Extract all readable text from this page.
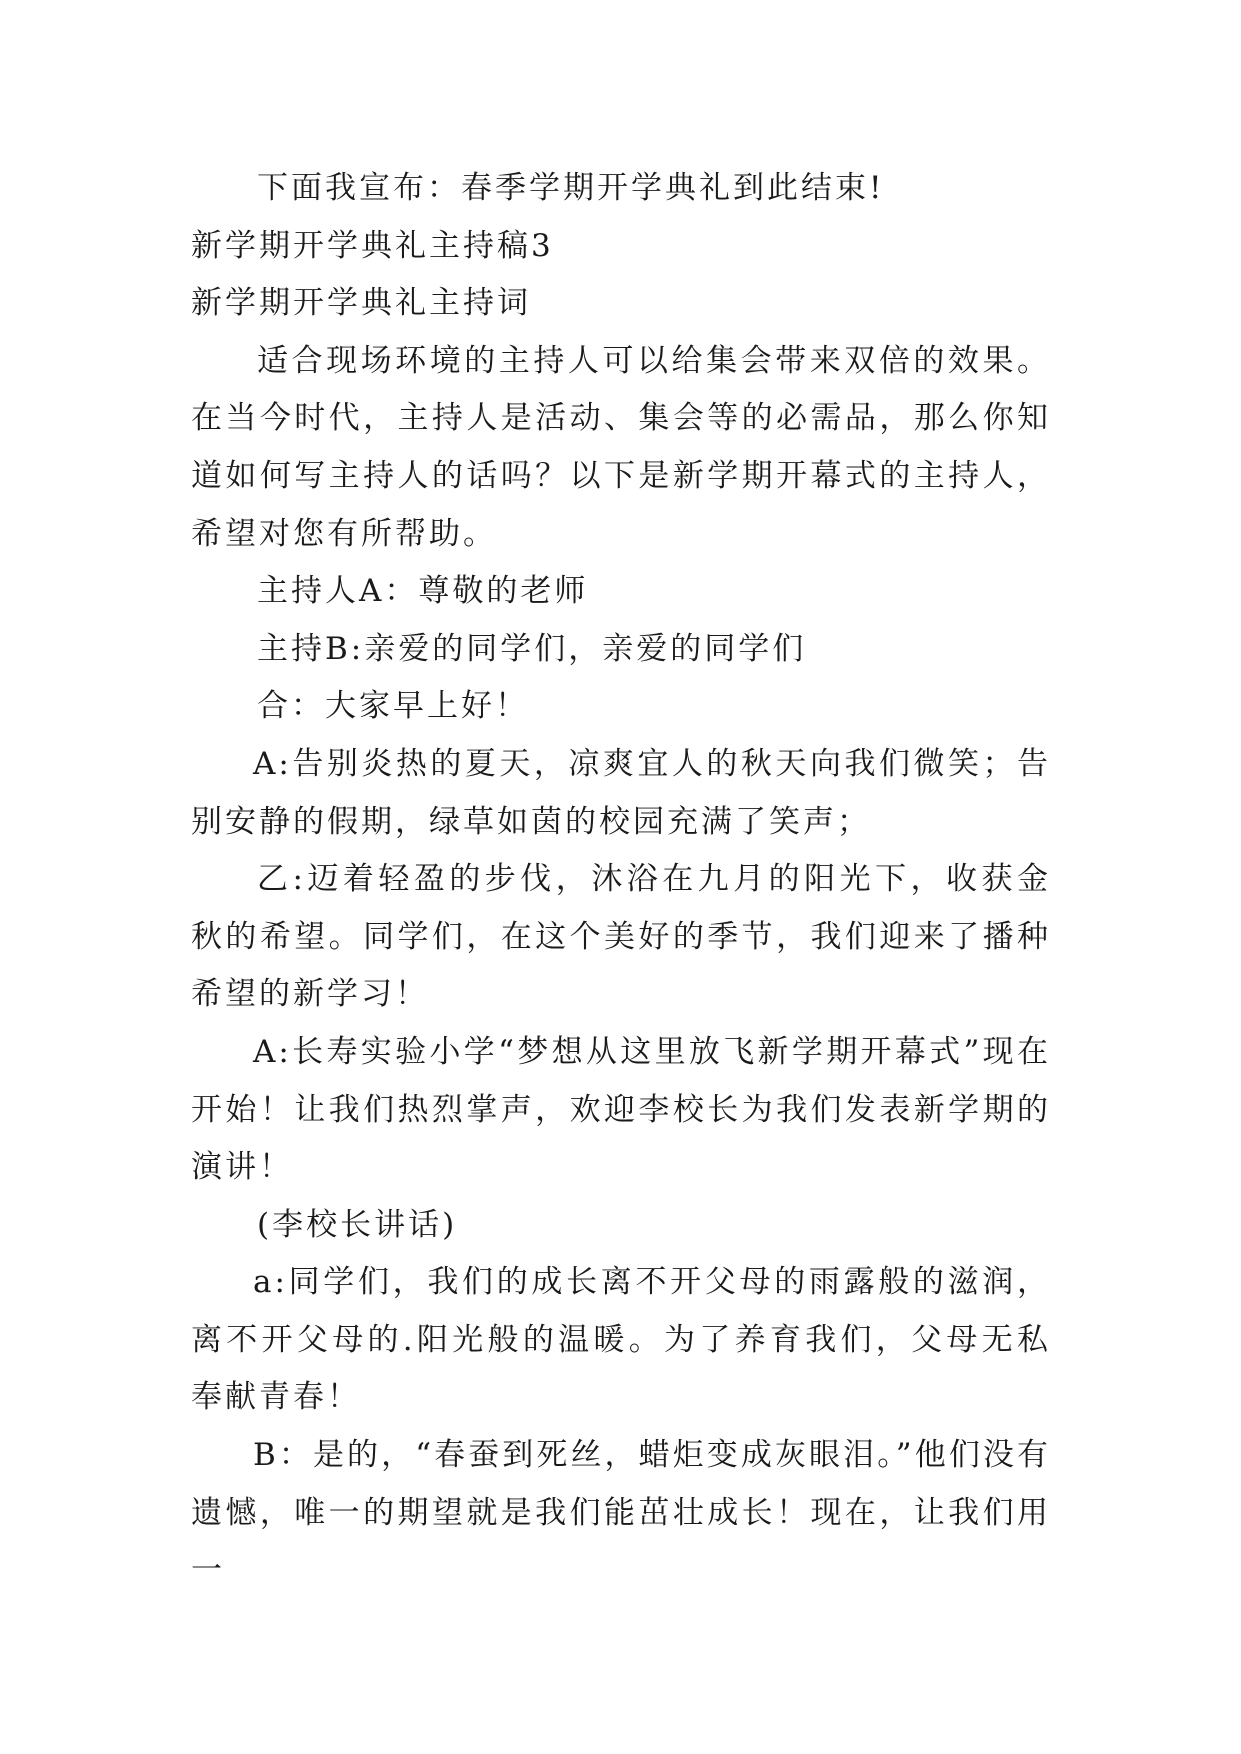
下面我宣布：春季学期开学典礼到此结束!

新学期开学典礼主持稿3

新学期开学典礼主持词

适合现场环境的主持人可以给集会带来双倍的效果。在当今时代，主持人是活动、集会等的必需品，那么你知道如何写主持人的话吗？以下是新学期开幕式的主持人，希望对您有所帮助。

主持人A：尊敬的老师

主持B:亲爱的同学们，亲爱的同学们

合：大家早上好！

A:告别炎热的夏天，凉爽宜人的秋天向我们微笑；告别安静的假期，绿草如茵的校园充满了笑声；

乙:迈着轻盈的步伐，沐浴在九月的阳光下，收获金秋的希望。同学们，在这个美好的季节，我们迎来了播种希望的新学习！

A:长寿实验小学“梦想从这里放飞新学期开幕式”现在开始！让我们热烈掌声，欢迎李校长为我们发表新学期的演讲！

(李校长讲话)

a:同学们，我们的成长离不开父母的雨露般的滋润，离不开父母的.阳光般的温暖。为了养育我们，父母无私奉献青春！

B：是的，“春蚕到死丝，蜡炬变成灰眼泪。”他们没有遗憾，唯一的期望就是我们能茁壮成长！现在，让我们用一
